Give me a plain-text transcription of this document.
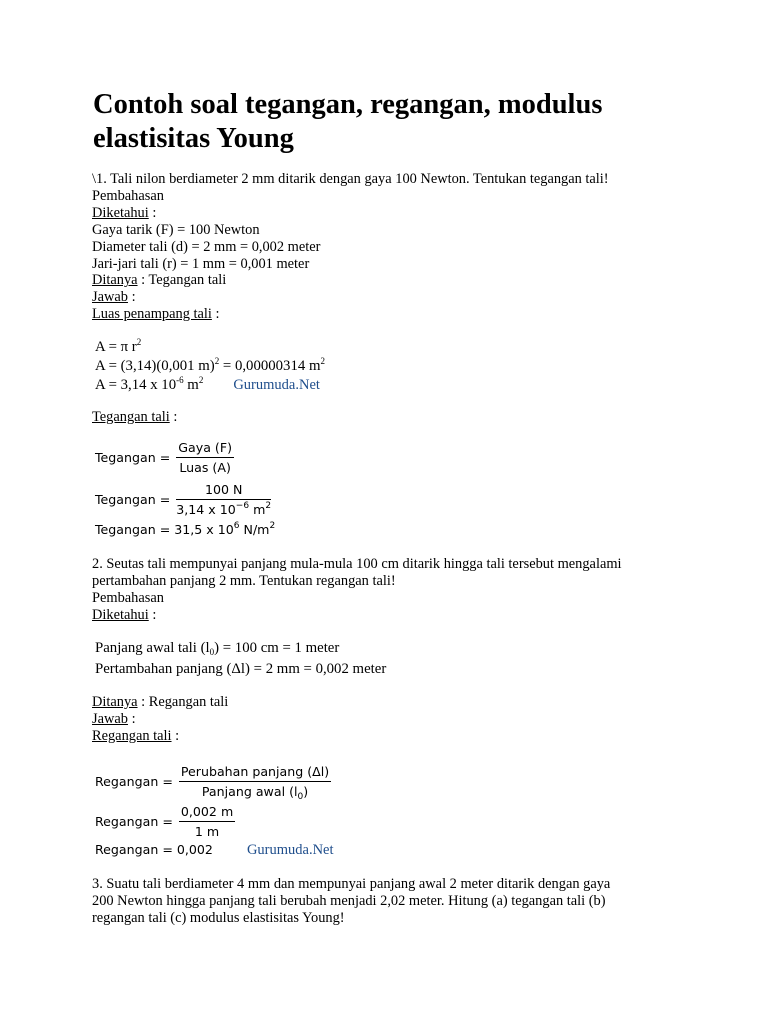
Contoh soal tegangan, regangan, modulus elastisitas Young
\1. Tali nilon berdiameter 2 mm ditarik dengan gaya 100 Newton. Tentukan tegangan tali!
Pembahasan
Diketahui :
Gaya tarik (F) = 100 Newton
Diameter tali (d) = 2 mm = 0,002 meter
Jari-jari tali (r) = 1 mm = 0,001 meter
Ditanya : Tegangan tali
Jawab :
Luas penampang tali :
A = π $r^2$
A = (3,14)(0,001 m)$^2$ = 0,00000314 $m^2$
A = 3,14 x $10^{-6}$ $m^2$ Gurumuda.Net
Tegangan tali :
Tegangan = $\frac{\text{Gaya (F)}}{\text{Luas (A)}}$
Tegangan = $\frac{100 N}{3,14 x 10^{-6} m^2}$
Tegangan = 31,5 x $10^6$ $N/m^2$
2. Seutas tali mempunyai panjang mula-mula 100 cm ditarik hingga tali tersebut mengalami
pertambahan panjang 2 mm. Tentukan regangan tali!
Pembahasan
Diketahui :
Panjang awal tali $(l_0) = 100$ cm = 1 meter
Pertambahan panjang (Δl) = 2 mm = 0,002 meter
Ditanya : Regangan tali
Jawab :
Regangan tali :
Regangan = $\frac{\text{Perubahan panjang (Δl)}}{Panjang awal (l_0)}$
Regangan = $\frac{0,002 m}{1 m}$
Regangan = 0,002 Gurumuda.Net
3. Suatu tali berdiameter 4 mm dan mempunyai panjang awal 2 meter ditarik dengan gaya
200 Newton hingga panjang tali berubah menjadi 2,02 meter. Hitung (a) tegangan tali (b)
regangan tali (c) modulus elastisitas Young!
